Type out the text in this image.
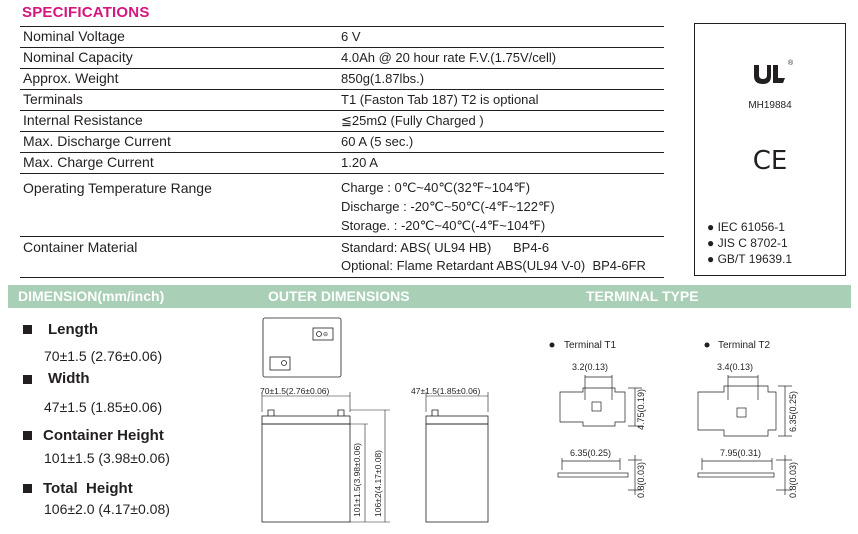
SPECIFICATIONS
Nominal Voltage	6 V
Nominal Capacity	4.0Ah @ 20 hour rate F.V.(1.75V/cell)
Approx. Weight	850g(1.87lbs.)
Terminals	T1 (Faston Tab 187) T2 is optional
Internal Resistance	≦25mΩ (Fully Charged )
Max. Discharge Current	60 A (5 sec.)
Max. Charge Current	1.20 A
Operating Temperature Range	Charge : 0℃~40℃(32℉~104℉)
Discharge : -20℃~50℃(-4℉~122℉)
Storage. : -20℃~40℃(-4℉~104℉)
Container Material	Standard: ABS( UL94 HB)      BP4-6
Optional: Flame Retardant ABS(UL94 V-0)  BP4-6FR
®
MH19884
CE
● IEC 61056-1
● JIS C 8702-1
● GB/T 19639.1
DIMENSION(mm/inch)	OUTER DIMENSIONS	TERMINAL TYPE
Length
70±1.5 (2.76±0.06)
Width
47±1.5 (1.85±0.06)
Container Height
101±1.5 (3.98±0.06)
Total  Height
106±2.0 (4.17±0.08)
⊖
70±1.5(2.76±0.06)
101±1.5(3.98±0.06) 106±2(4.17±0.08)
47±1.5(1.85±0.06)
Terminal T1
3.2(0.13)
4.75(0.19)
6.35(0.25)
0.8(0.03)
Terminal T2
3.4(0.13)
6.35(0.25)
7.95(0.31)
0.8(0.03)
